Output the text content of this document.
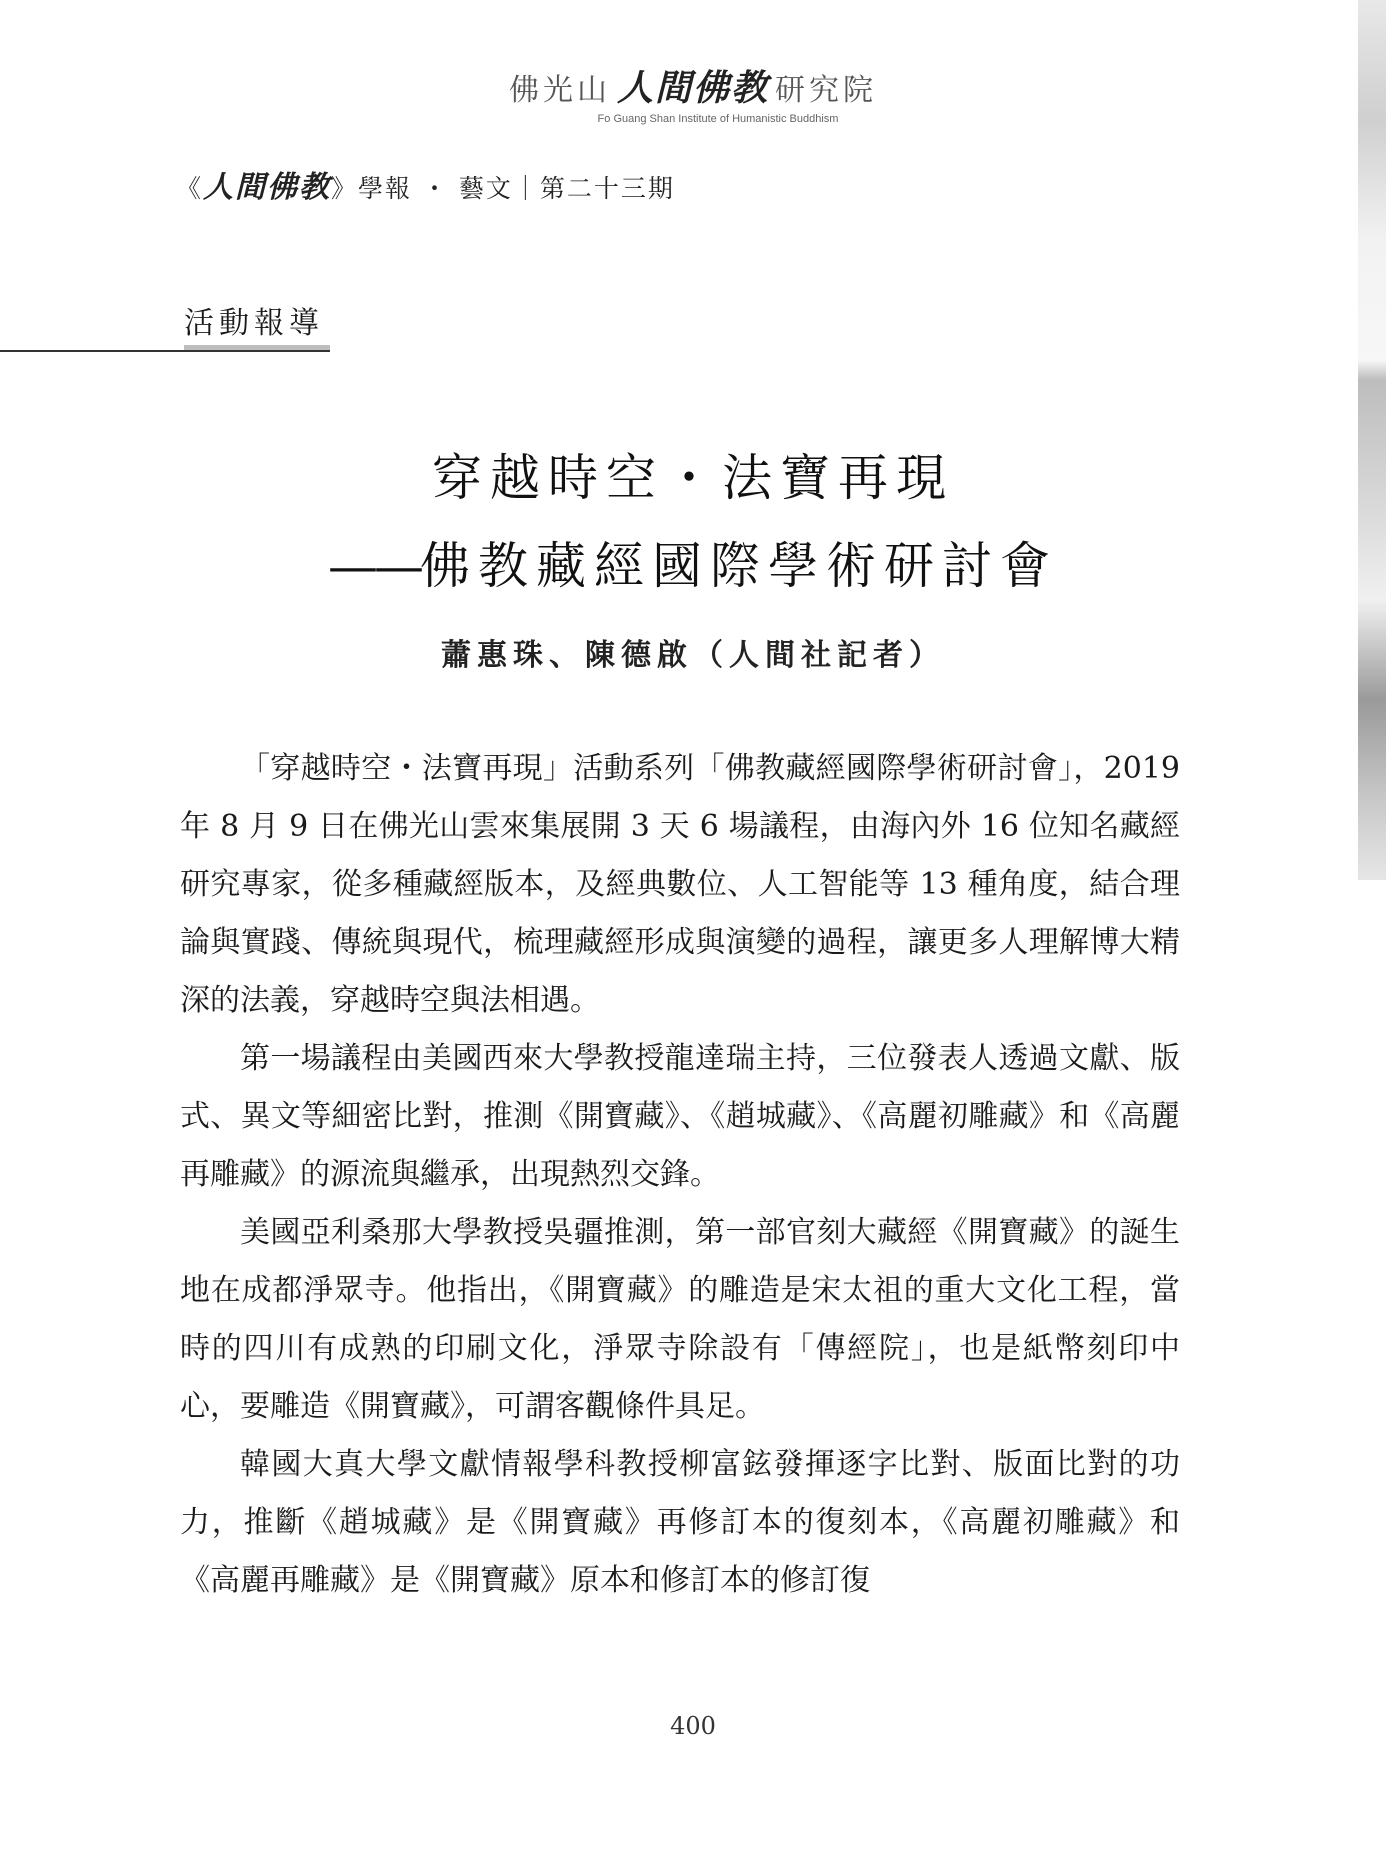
佛光山 人間佛教 研究院
Fo Guang Shan Institute of Humanistic Buddhism
《人間佛教》學報 ・ 藝文｜第二十三期
活動報導
穿越時空・法寶再現
——佛教藏經國際學術研討會
蕭惠珠、陳德啟（人間社記者）

「穿越時空・法寶再現」活動系列「佛教藏經國際學術研討會」，2019 年 8 月 9 日在佛光山雲來集展開 3 天 6 場議程，由海內外 16 位知名藏經研究專家，從多種藏經版本，及經典數位、人工智能等 13 種角度，結合理論與實踐、傳統與現代，梳理藏經形成與演變的過程，讓更多人理解博大精深的法義，穿越時空與法相遇。

第一場議程由美國西來大學教授龍達瑞主持，三位發表人透過文獻、版式、異文等細密比對，推測《開寶藏》、《趙城藏》、《高麗初雕藏》和《高麗再雕藏》的源流與繼承，出現熱烈交鋒。

美國亞利桑那大學教授吳疆推測，第一部官刻大藏經《開寶藏》的誕生地在成都淨眾寺。他指出，《開寶藏》的雕造是宋太祖的重大文化工程，當時的四川有成熟的印刷文化，淨眾寺除設有「傳經院」，也是紙幣刻印中心，要雕造《開寶藏》，可謂客觀條件具足。

韓國大真大學文獻情報學科教授柳富鉉發揮逐字比對、版面比對的功力，推斷《趙城藏》是《開寶藏》再修訂本的復刻本，《高麗初雕藏》和《高麗再雕藏》是《開寶藏》原本和修訂本的修訂復

400
